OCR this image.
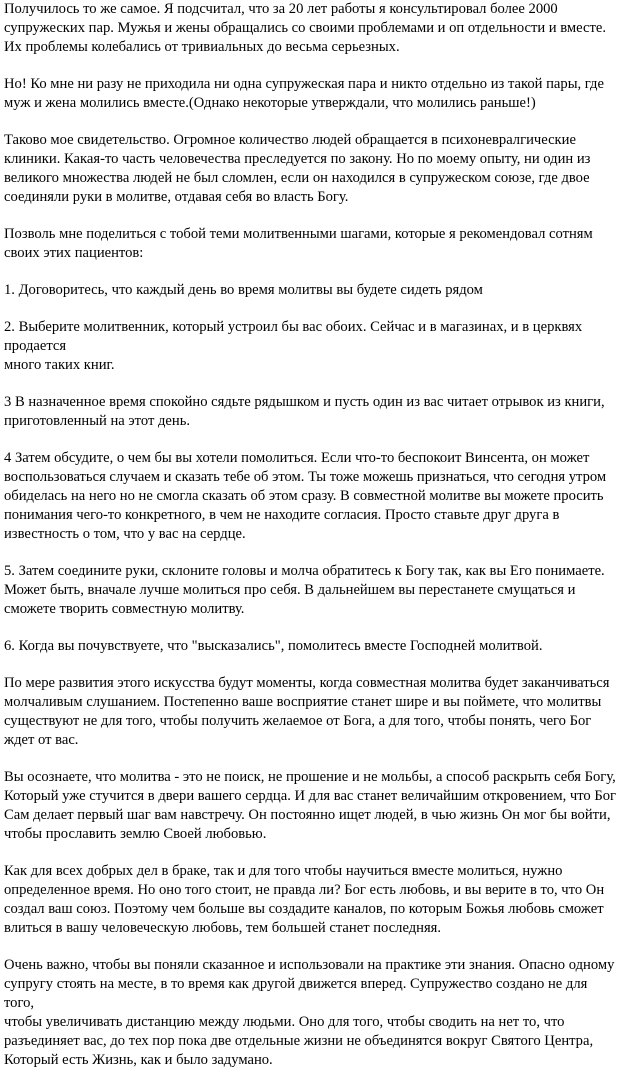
Получилось то же самое. Я подсчитал, что за 20 лет работы я консультировал более 2000
супружеских пар. Мужья и жены обращались со своими проблемами и оп отдельности и вместе.
Их проблемы колебались от тривиальных до весьма серьезных.

Но! Ко мне ни разу не приходила ни одна супружеская пара и никто отдельно из такой пары, где
муж и жена молились вместе.(Однако некоторые утверждали, что молились раньше!)

Таково мое свидетельство. Огромное количество людей обращается в психоневралгические
клиники. Какая-то часть человечества преследуется по закону. Но по моему опыту, ни один из
великого множества людей не был сломлен, если он находился в супружеском союзе, где двое
соединяли руки в молитве, отдавая себя во власть Богу.

Позволь мне поделиться с тобой теми молитвенными шагами, которые я рекомендовал сотням
своих этих пациентов:

1. Договоритесь, что каждый день во время молитвы вы будете сидеть рядом

2. Выберите молитвенник, который устроил бы вас обоих. Сейчас и в магазинах, и в церквях
продается
много таких книг.

3 В назначенное время спокойно сядьте рядышком и пусть один из вас читает отрывок из книги,
приготовленный на этот день.

4 Затем обсудите, о чем бы вы хотели помолиться. Если что-то беспокоит Винсента, он может
воспользоваться случаем и сказать тебе об этом. Ты тоже можешь признаться, что сегодня утром
обиделась на него но не смогла сказать об этом сразу. В совместной молитве вы можете просить
понимания чего-то конкретного, в чем не находите согласия. Просто ставьте друг друга в
известность о том, что у вас на сердце.

5. Затем соедините руки, склоните головы и молча обратитесь к Богу так, как вы Его понимаете.
Может быть, вначале лучше молиться про себя. В дальнейшем вы перестанете смущаться и
сможете творить совместную молитву.

6. Когда вы почувствуете, что "высказались", помолитесь вместе Господней молитвой.

По мере развития этого искусства будут моменты, когда совместная молитва будет заканчиваться
молчаливым слушанием. Постепенно ваше восприятие станет шире и вы поймете, что молитвы
существуют не для того, чтобы получить желаемое от Бога, а для того, чтобы понять, чего Бог
ждет от вас.

Вы осознаете, что молитва - это не поиск, не прошение и не мольбы, а способ раскрыть себя Богу,
Который уже стучится в двери вашего сердца. И для вас станет величайшим откровением, что Бог
Сам делает первый шаг вам навстречу. Он постоянно ищет людей, в чью жизнь Он мог бы войти,
чтобы прославить землю Своей любовью.

Как для всех добрых дел в браке, так и для того чтобы научиться вместе молиться, нужно
определенное время. Но оно того стоит, не правда ли? Бог есть любовь, и вы верите в то, что Он
создал ваш союз. Поэтому чем больше вы создадите каналов, по которым Божья любовь сможет
влиться в вашу человеческую любовь, тем большей станет последняя.

Очень важно, чтобы вы поняли сказанное и использовали на практике эти знания. Опасно одному
супругу стоять на месте, в то время как другой движется вперед. Супружество создано не для того,
чтобы увеличивать дистанцию между людьми. Оно для того, чтобы сводить на нет то, что
разъединяет вас, до тех пор пока две отдельные жизни не объединятся вокруг Святого Центра,
Который есть Жизнь, как и было задумано.
